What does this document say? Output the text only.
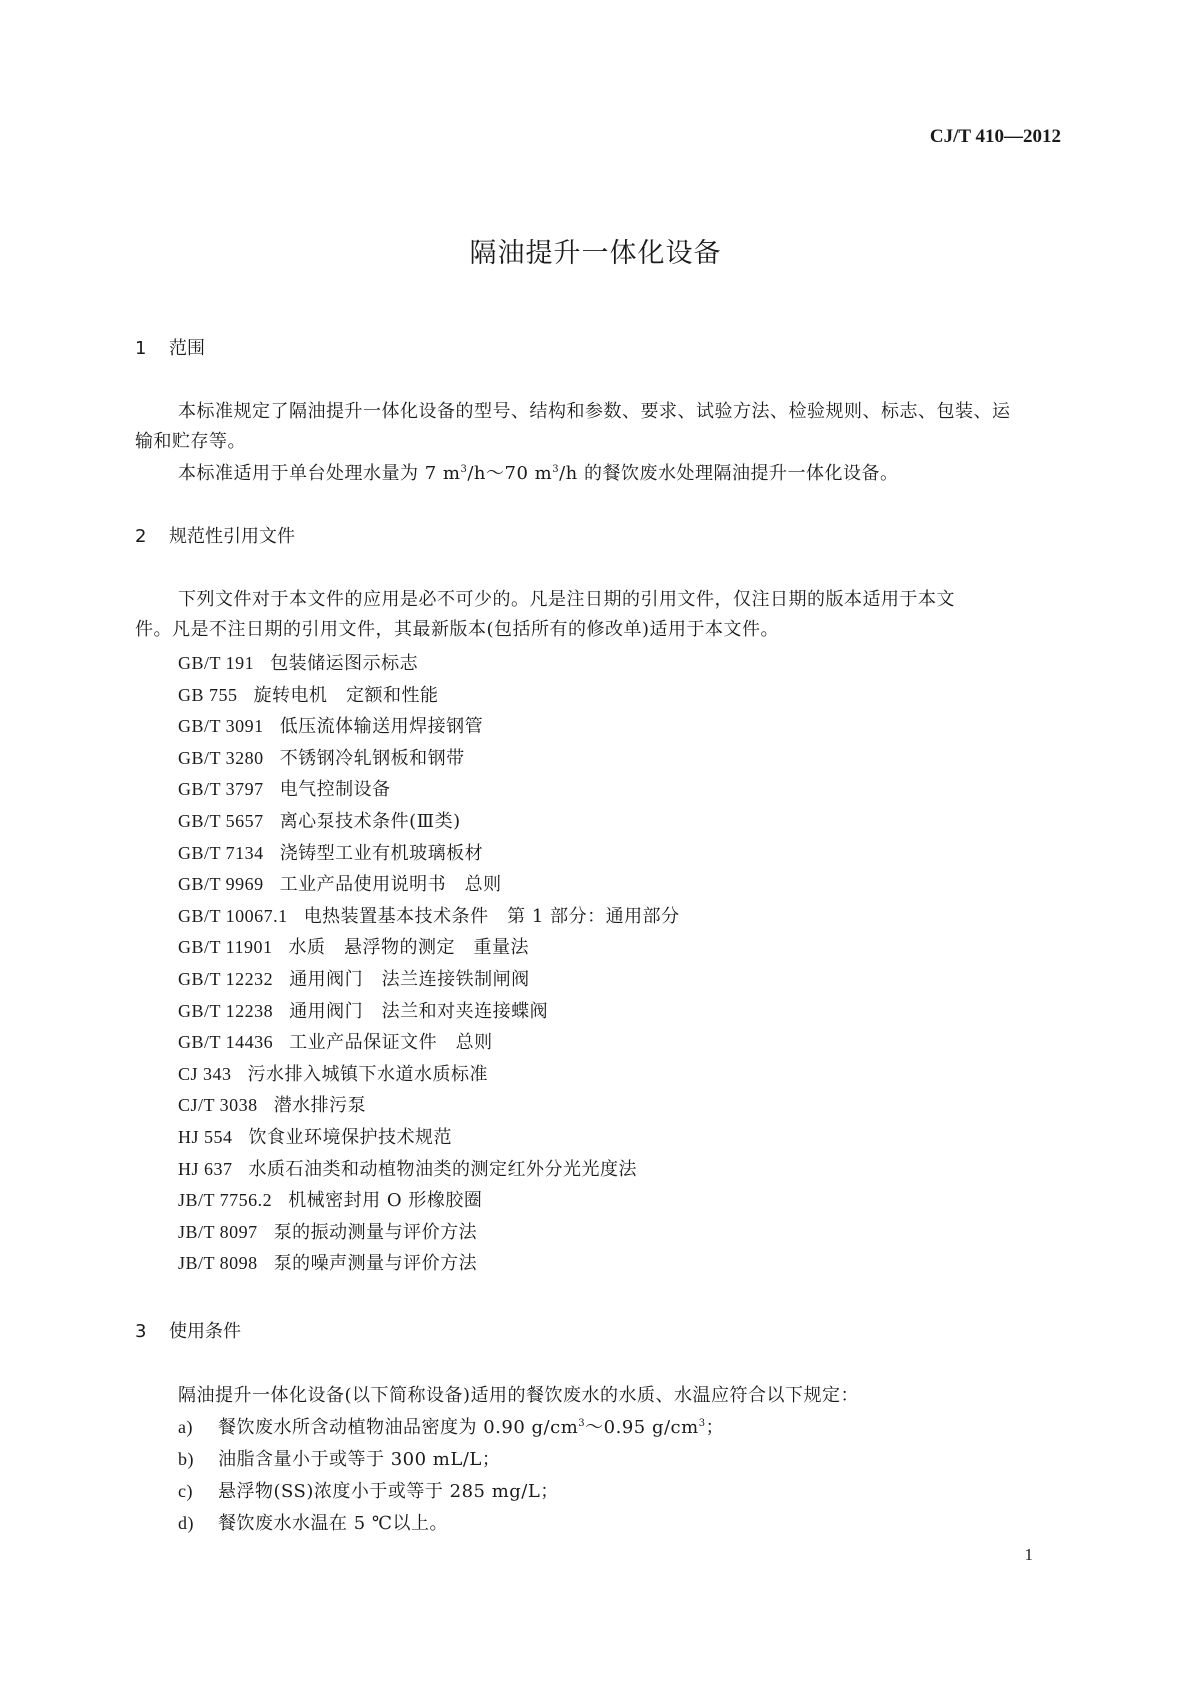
CJ/T 410—2012
隔油提升一体化设备
1 范围
本标准规定了隔油提升一体化设备的型号、结构和参数、要求、试验方法、检验规则、标志、包装、运
输和贮存等。
本标准适用于单台处理水量为 7 $m^3/h\sim 70$ $m^3/h$ 的餐饮废水处理隔油提升一体化设备。
2 规范性引用文件
下列文件对于本文件的应用是必不可少的。凡是注日期的引用文件，仅注日期的版本适用于本文
件。凡是不注日期的引用文件，其最新版本(包括所有的修改单)适用于本文件。
GB/T 191 包装储运图示标志
GB 755 旋转电机　定额和性能
GB/T 3091 低压流体输送用焊接钢管
GB/T 3280 不锈钢冷轧钢板和钢带
GB/T 3797 电气控制设备
GB/T 5657 离心泵技术条件(Ⅲ类)
GB/T 7134 浇铸型工业有机玻璃板材
GB/T 9969 工业产品使用说明书　总则
GB/T 10067.1 电热装置基本技术条件　第 1 部分：通用部分
GB/T 11901 水质　悬浮物的测定　重量法
GB/T 12232 通用阀门　法兰连接铁制闸阀
GB/T 12238 通用阀门　法兰和对夹连接蝶阀
GB/T 14436 工业产品保证文件　总则
CJ 343 污水排入城镇下水道水质标准
CJ/T 3038 潜水排污泵
HJ 554 饮食业环境保护技术规范
HJ 637 水质石油类和动植物油类的测定红外分光光度法
JB/T 7756.2 机械密封用 O 形橡胶圈
JB/T 8097 泵的振动测量与评价方法
JB/T 8098 泵的噪声测量与评价方法
3 使用条件
隔油提升一体化设备(以下简称设备)适用的餐饮废水的水质、水温应符合以下规定：
a) 餐饮废水所含动植物油品密度为 0.90 $g/cm^3\sim 0.95$ $g/cm^3$；
b) 油脂含量小于或等于 300 mL/L；
c) 悬浮物(SS)浓度小于或等于 285 mg/L；
d) 餐饮废水水温在 5 ℃以上。
1
